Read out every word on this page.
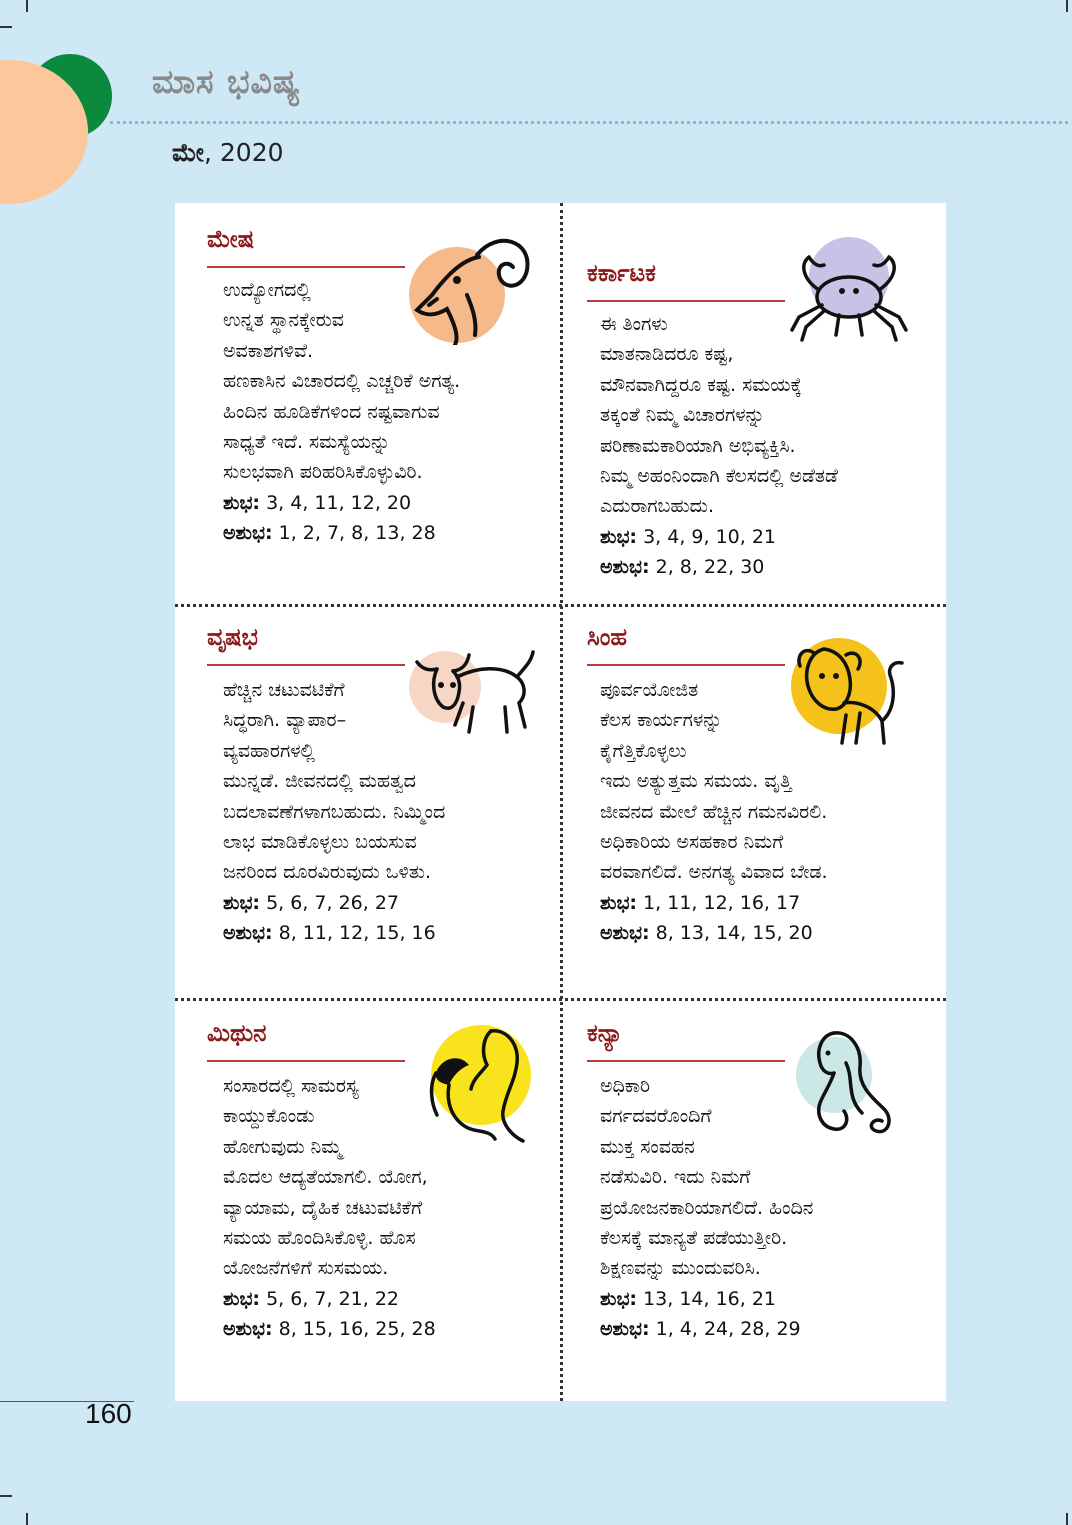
ಮಾಸ ಭವಿಷ್ಯ
ಮೇ, 2020
ಮೇಷ

ಉದ್ಯೋಗದಲ್ಲಿ

ಉನ್ನತ ಸ್ಥಾನಕ್ಕೇರುವ

ಅವಕಾಶಗಳಿವೆ.

ಹಣಕಾಸಿನ ವಿಚಾರದಲ್ಲಿ ಎಚ್ಚರಿಕೆ ಅಗತ್ಯ.

ಹಿಂದಿನ ಹೂಡಿಕೆಗಳಿಂದ ನಷ್ಟವಾಗುವ

ಸಾಧ್ಯತೆ ಇದೆ. ಸಮಸ್ಯೆಯನ್ನು

ಸುಲಭವಾಗಿ ಪರಿಹರಿಸಿಕೊಳ್ಳುವಿರಿ.

ಶುಭ: 3, 4, 11, 12, 20

ಅಶುಭ: 1, 2, 7, 8, 13, 28

ಕರ್ಕಾಟಕ

ಈ ತಿಂಗಳು

ಮಾತನಾಡಿದರೂ ಕಷ್ಟ,

ಮೌನವಾಗಿದ್ದರೂ ಕಷ್ಟ. ಸಮಯಕ್ಕೆ

ತಕ್ಕಂತೆ ನಿಮ್ಮ ವಿಚಾರಗಳನ್ನು

ಪರಿಣಾಮಕಾರಿಯಾಗಿ ಅಭಿವ್ಯಕ್ತಿಸಿ.

ನಿಮ್ಮ ಅಹಂನಿಂದಾಗಿ ಕೆಲಸದಲ್ಲಿ ಅಡೆತಡೆ

ಎದುರಾಗಬಹುದು.

ಶುಭ: 3, 4, 9, 10, 21

ಅಶುಭ: 2, 8, 22, 30

ವೃಷಭ

ಹೆಚ್ಚಿನ ಚಟುವಟಿಕೆಗೆ

ಸಿದ್ಧರಾಗಿ. ವ್ಯಾಪಾರ–

ವ್ಯವಹಾರಗಳಲ್ಲಿ

ಮುನ್ನಡೆ. ಜೀವನದಲ್ಲಿ ಮಹತ್ವದ

ಬದಲಾವಣೆಗಳಾಗಬಹುದು. ನಿಮ್ಮಿಂದ

ಲಾಭ ಮಾಡಿಕೊಳ್ಳಲು ಬಯಸುವ

ಜನರಿಂದ ದೂರವಿರುವುದು ಒಳಿತು.

ಶುಭ: 5, 6, 7, 26, 27

ಅಶುಭ: 8, 11, 12, 15, 16

ಸಿಂಹ

ಪೂರ್ವಯೋಜಿತ

ಕೆಲಸ ಕಾರ್ಯಗಳನ್ನು

ಕೈಗೆತ್ತಿಕೊಳ್ಳಲು

ಇದು ಅತ್ಯುತ್ತಮ ಸಮಯ. ವೃತ್ತಿ

ಜೀವನದ ಮೇಲೆ ಹೆಚ್ಚಿನ ಗಮನವಿರಲಿ.

ಅಧಿಕಾರಿಯ ಅಸಹಕಾರ ನಿಮಗೆ

ವರವಾಗಲಿದೆ. ಅನಗತ್ಯ ವಿವಾದ ಬೇಡ.

ಶುಭ: 1, 11, 12, 16, 17

ಅಶುಭ: 8, 13, 14, 15, 20

ಮಿಥುನ

ಸಂಸಾರದಲ್ಲಿ ಸಾಮರಸ್ಯ

ಕಾಯ್ದುಕೊಂಡು

ಹೋಗುವುದು ನಿಮ್ಮ

ಮೊದಲ ಆದ್ಯತೆಯಾಗಲಿ. ಯೋಗ,

ವ್ಯಾಯಾಮ, ದೈಹಿಕ ಚಟುವಟಿಕೆಗೆ

ಸಮಯ ಹೊಂದಿಸಿಕೊಳ್ಳಿ. ಹೊಸ

ಯೋಜನೆಗಳಿಗೆ ಸುಸಮಯ.

ಶುಭ: 5, 6, 7, 21, 22

ಅಶುಭ: 8, 15, 16, 25, 28

ಕನ್ಯಾ

ಅಧಿಕಾರಿ

ವರ್ಗದವರೊಂದಿಗೆ

ಮುಕ್ತ ಸಂವಹನ

ನಡೆಸುವಿರಿ. ಇದು ನಿಮಗೆ

ಪ್ರಯೋಜನಕಾರಿಯಾಗಲಿದೆ. ಹಿಂದಿನ

ಕೆಲಸಕ್ಕೆ ಮಾನ್ಯತೆ ಪಡೆಯುತ್ತೀರಿ.

ಶಿಕ್ಷಣವನ್ನು ಮುಂದುವರಿಸಿ.

ಶುಭ: 13, 14, 16, 21

ಅಶುಭ: 1, 4, 24, 28, 29

160
